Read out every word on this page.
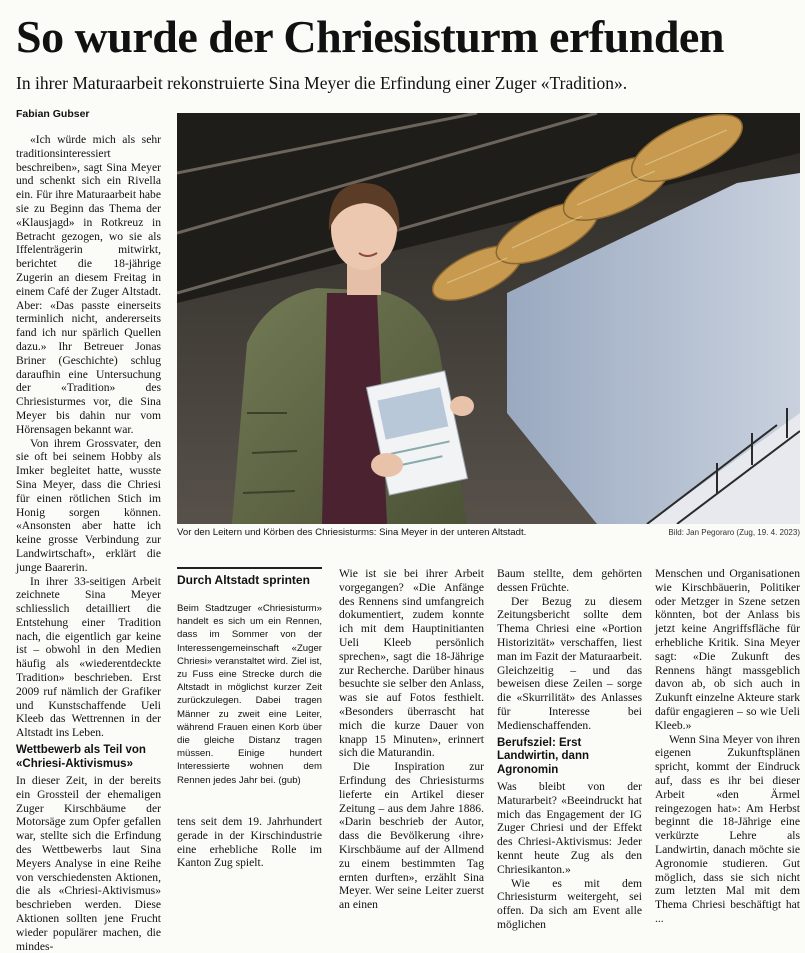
So wurde der Chriesisturm erfunden
In ihrer Maturaarbeit rekonstruierte Sina Meyer die Erfindung einer Zuger «Tradition».
Fabian Gubser

«Ich würde mich als sehr traditionsinteressiert beschreiben», sagt Sina Meyer und schenkt sich ein Rivella ein. Für ihre Maturaarbeit habe sie zu Beginn das Thema der «Klausjagd» in Rotkreuz in Betracht gezogen, wo sie als Iffelenträgerin mitwirkt, berichtet die 18-jährige Zugerin an diesem Freitag in einem Café der Zuger Altstadt. Aber: «Das passte einerseits terminlich nicht, andererseits fand ich nur spärlich Quellen dazu.» Ihr Betreuer Jonas Briner (Geschichte) schlug daraufhin eine Untersuchung der «Tradition» des Chriesisturmes vor, die Sina Meyer bis dahin nur vom Hörensagen bekannt war.

Von ihrem Grossvater, den sie oft bei seinem Hobby als Imker begleitet hatte, wusste Sina Meyer, dass die Chriesi für einen rötlichen Stich im Honig sorgen können. «Ansonsten aber hatte ich keine grosse Verbindung zur Landwirtschaft», erklärt die junge Baarerin.

In ihrer 33-seitigen Arbeit zeichnete Sina Meyer schliesslich detailliert die Entstehung einer Tradition nach, die eigentlich gar keine ist – obwohl in den Medien häufig als «wiederentdeckte Tradition» beschrieben. Erst 2009 ruf nämlich der Grafiker und Kunstschaffende Ueli Kleeb das Wettrennen in der Altstadt ins Leben.

Wettbewerb als Teil von «Chriesi-Aktivismus»

In dieser Zeit, in der bereits ein Grossteil der ehemaligen Zuger Kirschbäume der Motorsäge zum Opfer gefallen war, stellte sich die Erfindung des Wettbewerbs laut Sina Meyers Analyse in eine Reihe von verschiedensten Aktionen, die als «Chriesi-Aktivismus» beschrieben werden. Diese Aktionen sollten jene Frucht wieder populärer machen, die mindes-

Vor den Leitern und Körben des Chriesisturms: Sina Meyer in der unteren Altstadt.	Bild: Jan Pegoraro (Zug, 19. 4. 2023)
Durch Altstadt sprinten
Beim Stadtzuger «Chriesisturm» handelt es sich um ein Rennen, dass im Sommer von der Interessengemeinschaft «Zuger Chriesi» veranstaltet wird. Ziel ist, zu Fuss eine Strecke durch die Altstadt in möglichst kurzer Zeit zurückzulegen. Dabei tragen Männer zu zweit eine Leiter, während Frauen einen Korb über die gleiche Distanz tragen müssen. Einige hundert Interessierte wohnen dem Rennen jedes Jahr bei. (gub)

tens seit dem 19. Jahrhundert gerade in der Kirschindustrie eine erhebliche Rolle im Kanton Zug spielt.

Wie ist sie bei ihrer Arbeit vorgegangen? «Die Anfänge des Rennens sind umfangreich dokumentiert, zudem konnte ich mit dem Hauptinitianten Ueli Kleeb persönlich sprechen», sagt die 18-Jährige zur Recherche. Darüber hinaus besuchte sie selber den Anlass, was sie auf Fotos festhielt. «Besonders überrascht hat mich die kurze Dauer von knapp 15 Minuten», erinnert sich die Maturandin.

Die Inspiration zur Erfindung des Chriesisturms lieferte ein Artikel dieser Zeitung – aus dem Jahre 1886. «Darin beschrieb der Autor, dass die Bevölkerung ‹ihre› Kirschbäume auf der Allmend zu einem bestimmten Tag ernten durften», erzählt Sina Meyer. Wer seine Leiter zuerst an einen

Baum stellte, dem gehörten dessen Früchte.

Der Bezug zu diesem Zeitungsbericht sollte dem Thema Chriesi eine «Portion Historizität» verschaffen, liest man im Fazit der Maturaarbeit. Gleichzeitig – und das beweisen diese Zeilen – sorge die «Skurrilität» des Anlasses für Interesse bei Medienschaffenden.

Berufsziel: Erst Landwirtin, dann Agronomin

Was bleibt von der Maturarbeit? «Beeindruckt hat mich das Engagement der IG Zuger Chriesi und der Effekt des Chriesi-Aktivismus: Jeder kennt heute Zug als den Chriesikanton.»

Wie es mit dem Chriesisturm weitergeht, sei offen. Da sich am Event alle möglichen

Menschen und Organisationen wie Kirschbäuerin, Politiker oder Metzger in Szene setzen könnten, bot der Anlass bis jetzt keine Angriffsfläche für erhebliche Kritik. Sina Meyer sagt: «Die Zukunft des Rennens hängt massgeblich davon ab, ob sich auch in Zukunft einzelne Akteure stark dafür engagieren – so wie Ueli Kleeb.»

Wenn Sina Meyer von ihren eigenen Zukunftsplänen spricht, kommt der Eindruck auf, dass es ihr bei dieser Arbeit «den Ärmel reingezogen hat»: Am Herbst beginnt die 18-Jährige eine verkürzte Lehre als Landwirtin, danach möchte sie Agronomie studieren. Gut möglich, dass sie sich nicht zum letzten Mal mit dem Thema Chriesi beschäftigt hat ...
